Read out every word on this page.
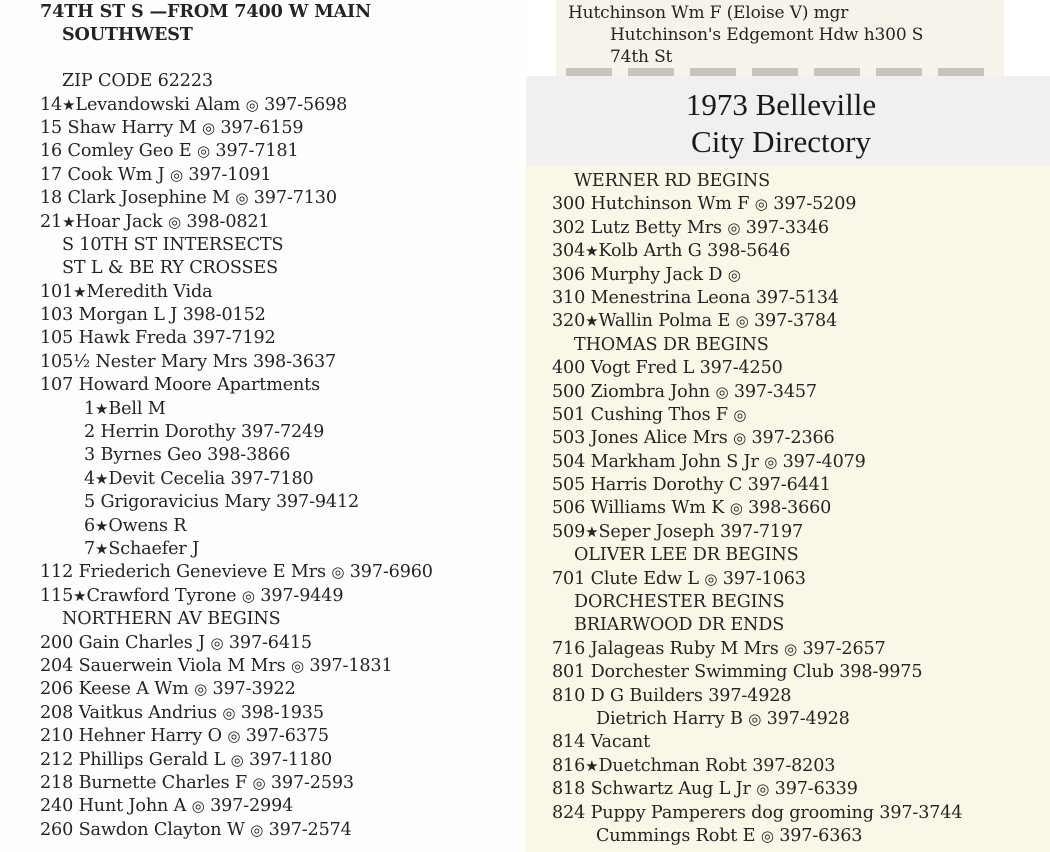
74TH ST S —FROM 7400 W MAIN
SOUTHWEST
ZIP CODE 62223
14★Levandowski Alam ◎ 397-5698
15 Shaw Harry M ◎ 397-6159
16 Comley Geo E ◎ 397-7181
17 Cook Wm J ◎ 397-1091
18 Clark Josephine M ◎ 397-7130
21★Hoar Jack ◎ 398-0821
S 10TH ST INTERSECTS
ST L & BE RY CROSSES
101★Meredith Vida
103 Morgan L J 398-0152
105 Hawk Freda 397-7192
105½ Nester Mary Mrs 398-3637
107 Howard Moore Apartments
1★Bell M
2 Herrin Dorothy 397-7249
3 Byrnes Geo 398-3866
4★Devit Cecelia 397-7180
5 Grigoravicius Mary 397-9412
6★Owens R
7★Schaefer J
112 Friederich Genevieve E Mrs ◎ 397-6960
115★Crawford Tyrone ◎ 397-9449
NORTHERN AV BEGINS
200 Gain Charles J ◎ 397-6415
204 Sauerwein Viola M Mrs ◎ 397-1831
206 Keese A Wm ◎ 397-3922
208 Vaitkus Andrius ◎ 398-1935
210 Hehner Harry O ◎ 397-6375
212 Phillips Gerald L ◎ 397-1180
218 Burnette Charles F ◎ 397-2593
240 Hunt John A ◎ 397-2994
260 Sawdon Clayton W ◎ 397-2574
Hutchinson Wm F (Eloise V) mgr
Hutchinson's Edgemont Hdw h300 S
74th St
1973 Belleville
City Directory
WERNER RD BEGINS
300 Hutchinson Wm F ◎ 397-5209
302 Lutz Betty Mrs ◎ 397-3346
304★Kolb Arth G 398-5646
306 Murphy Jack D ◎
310 Menestrina Leona 397-5134
320★Wallin Polma E ◎ 397-3784
THOMAS DR BEGINS
400 Vogt Fred L 397-4250
500 Ziombra John ◎ 397-3457
501 Cushing Thos F ◎
503 Jones Alice Mrs ◎ 397-2366
504 Markham John S Jr ◎ 397-4079
505 Harris Dorothy C 397-6441
506 Williams Wm K ◎ 398-3660
509★Seper Joseph 397-7197
OLIVER LEE DR BEGINS
701 Clute Edw L ◎ 397-1063
DORCHESTER BEGINS
BRIARWOOD DR ENDS
716 Jalageas Ruby M Mrs ◎ 397-2657
801 Dorchester Swimming Club 398-9975
810 D G Builders 397-4928
Dietrich Harry B ◎ 397-4928
814 Vacant
816★Duetchman Robt 397-8203
818 Schwartz Aug L Jr ◎ 397-6339
824 Puppy Pamperers dog grooming 397-3744
Cummings Robt E ◎ 397-6363
